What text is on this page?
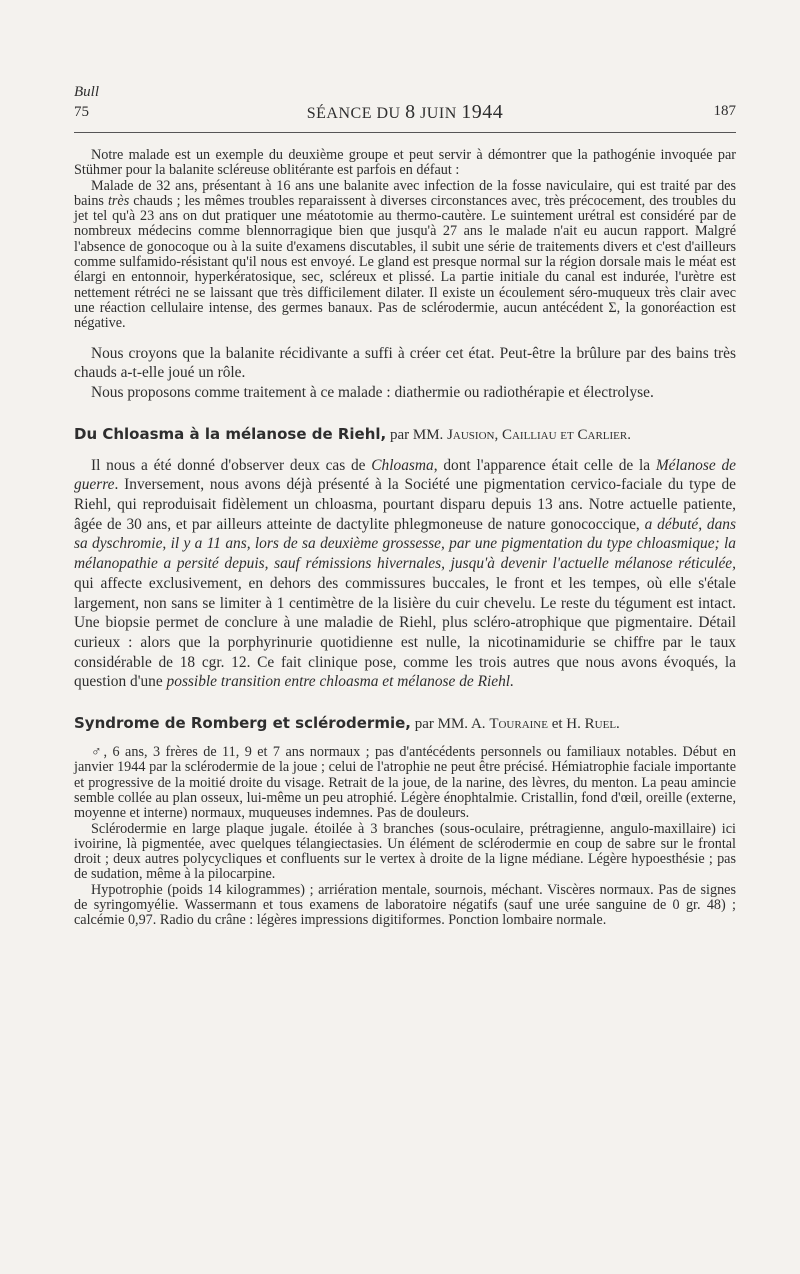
Bull
75	SÉANCE DU 8 JUIN 1944	187

Notre malade est un exemple du deuxième groupe et peut servir à démontrer que la pathogénie invoquée par Stühmer pour la balanite scléreuse oblitérante est parfois en défaut :

Malade de 32 ans, présentant à 16 ans une balanite avec infection de la fosse naviculaire, qui est traité par des bains très chauds ; les mêmes troubles reparaissent à diverses circonstances avec, très précocement, des troubles du jet tel qu'à 23 ans on dut pratiquer une méatotomie au thermo-cautère. Le suintement urétral est considéré par de nombreux médecins comme blennorragique bien que jusqu'à 27 ans le malade n'ait eu aucun rapport. Malgré l'absence de gonocoque ou à la suite d'examens discutables, il subit une série de traitements divers et c'est d'ailleurs comme sulfamido-résistant qu'il nous est envoyé. Le gland est presque normal sur la région dorsale mais le méat est élargi en entonnoir, hyperkératosique, sec, scléreux et plissé. La partie initiale du canal est indurée, l'urètre est nettement rétréci ne se laissant que très difficilement dilater. Il existe un écoulement séro-muqueux très clair avec une réaction cellulaire intense, des germes banaux. Pas de sclérodermie, aucun antécédent Σ, la gonoréaction est négative.

Nous croyons que la balanite récidivante a suffi à créer cet état. Peut-être la brûlure par des bains très chauds a-t-elle joué un rôle.

Nous proposons comme traitement à ce malade : diathermie ou radiothérapie et électrolyse.

Du Chloasma à la mélanose de Riehl, par MM. Jausion, Cailliau et Carlier.

Il nous a été donné d'observer deux cas de Chloasma, dont l'apparence était celle de la Mélanose de guerre. Inversement, nous avons déjà présenté à la Société une pigmentation cervico-faciale du type de Riehl, qui reproduisait fidèlement un chloasma, pourtant disparu depuis 13 ans. Notre actuelle patiente, âgée de 30 ans, et par ailleurs atteinte de dactylite phlegmoneuse de nature gonococcique, a débuté, dans sa dyschromie, il y a 11 ans, lors de sa deuxième grossesse, par une pigmentation du type chloasmique; la mélanopathie a persité depuis, sauf rémissions hivernales, jusqu'à devenir l'actuelle mélanose réticulée, qui affecte exclusivement, en dehors des commissures buccales, le front et les tempes, où elle s'étale largement, non sans se limiter à 1 centimètre de la lisière du cuir chevelu. Le reste du tégument est intact. Une biopsie permet de conclure à une maladie de Riehl, plus scléro-atrophique que pigmentaire. Détail curieux : alors que la porphyrinurie quotidienne est nulle, la nicotinamidurie se chiffre par le taux considérable de 18 cgr. 12. Ce fait clinique pose, comme les trois autres que nous avons évoqués, la question d'une possible transition entre chloasma et mélanose de Riehl.

Syndrome de Romberg et sclérodermie, par MM. A. Touraine et H. Ruel.

♂, 6 ans, 3 frères de 11, 9 et 7 ans normaux ; pas d'antécédents personnels ou familiaux notables. Début en janvier 1944 par la sclérodermie de la joue ; celui de l'atrophie ne peut être précisé. Hémiatrophie faciale importante et progressive de la moitié droite du visage. Retrait de la joue, de la narine, des lèvres, du menton. La peau amincie semble collée au plan osseux, lui-même un peu atrophié. Légère énophtalmie. Cristallin, fond d'œil, oreille (externe, moyenne et interne) normaux, muqueuses indemnes. Pas de douleurs.

Sclérodermie en large plaque jugale. étoilée à 3 branches (sous-oculaire, prétragienne, angulo-maxillaire) ici ivoirine, là pigmentée, avec quelques télangiectasies. Un élément de sclérodermie en coup de sabre sur le frontal droit ; deux autres polycycliques et confluents sur le vertex à droite de la ligne médiane. Légère hypoesthésie ; pas de sudation, même à la pilocarpine.

Hypotrophie (poids 14 kilogrammes) ; arriération mentale, sournois, méchant. Viscères normaux. Pas de signes de syringomyélie. Wassermann et tous examens de laboratoire négatifs (sauf une urée sanguine de 0 gr. 48) ; calcémie 0,97. Radio du crâne : légères impressions digitiformes. Ponction lombaire normale.
